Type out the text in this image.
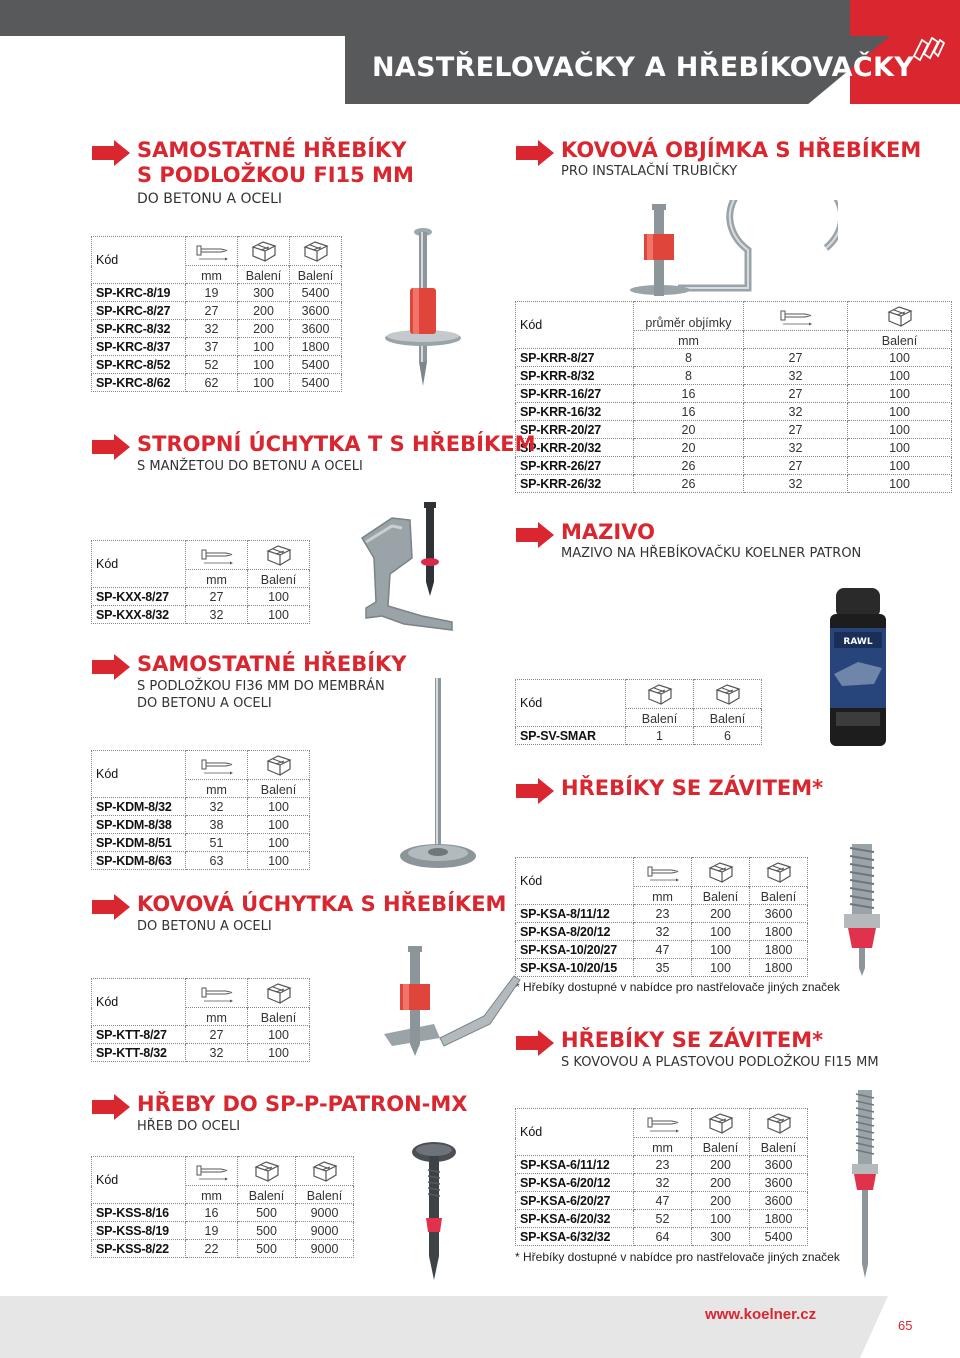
NASTŘELOVAČKY A HŘEBÍKOVAČKY
SAMOSTATNÉ HŘEBÍKY
S PODLOŽKOU FI15 MM
DO BETONU A OCELI
Kód	

	mm	Balení	Balení
SP-KRC-8/19	19	300	5400
SP-KRC-8/27	27	200	3600
SP-KRC-8/32	32	200	3600
SP-KRC-8/37	37	100	1800
SP-KRC-8/52	52	100	5400
SP-KRC-8/62	62	100	5400
KOVOVÁ OBJÍMKA S HŘEBÍKEM
PRO INSTALAČNÍ TRUBIČKY
Kód	průměr objímky	

	mm		Balení
SP-KRR-8/27	8	27	100
SP-KRR-8/32	8	32	100
SP-KRR-16/27	16	27	100
SP-KRR-16/32	16	32	100
SP-KRR-20/27	20	27	100
SP-KRR-20/32	20	32	100
SP-KRR-26/27	26	27	100
SP-KRR-26/32	26	32	100
STROPNÍ ÚCHYTKA T S HŘEBÍKEM
S MANŽETOU DO BETONU A OCELI
Kód	

	mm	Balení
SP-KXX-8/27	27	100
SP-KXX-8/32	32	100
MAZIVO
MAZIVO NA HŘEBÍKOVAČKU KOELNER PATRON
RAWL
Kód	

	Balení	Balení
SP-SV-SMAR	1	6
SAMOSTATNÉ HŘEBÍKY
S PODLOŽKOU FI36 MM DO MEMBRÁN
DO BETONU A OCELI
Kód	

	mm	Balení
SP-KDM-8/32	32	100
SP-KDM-8/38	38	100
SP-KDM-8/51	51	100
SP-KDM-8/63	63	100
HŘEBÍKY SE ZÁVITEM*
Kód	

	mm	Balení	Balení
SP-KSA-8/11/12	23	200	3600
SP-KSA-8/20/12	32	100	1800
SP-KSA-10/20/27	47	100	1800
SP-KSA-10/20/15	35	100	1800
* Hřebíky dostupné v nabídce pro nastřelovače jiných značek
KOVOVÁ ÚCHYTKA S HŘEBÍKEM
DO BETONU A OCELI
Kód	

	mm	Balení
SP-KTT-8/27	27	100
SP-KTT-8/32	32	100
HŘEBÍKY SE ZÁVITEM*
S KOVOVOU A PLASTOVOU PODLOŽKOU FI15 MM
Kód	

	mm	Balení	Balení
SP-KSA-6/11/12	23	200	3600
SP-KSA-6/20/12	32	200	3600
SP-KSA-6/20/27	47	200	3600
SP-KSA-6/20/32	52	100	1800
SP-KSA-6/32/32	64	300	5400
* Hřebíky dostupné v nabídce pro nastřelovače jiných značek
HŘEBY DO SP-P-PATRON-MX
HŘEB DO OCELI
Kód	

	mm	Balení	Balení
SP-KSS-8/16	16	500	9000
SP-KSS-8/19	19	500	9000
SP-KSS-8/22	22	500	9000
www.koelner.cz
65
